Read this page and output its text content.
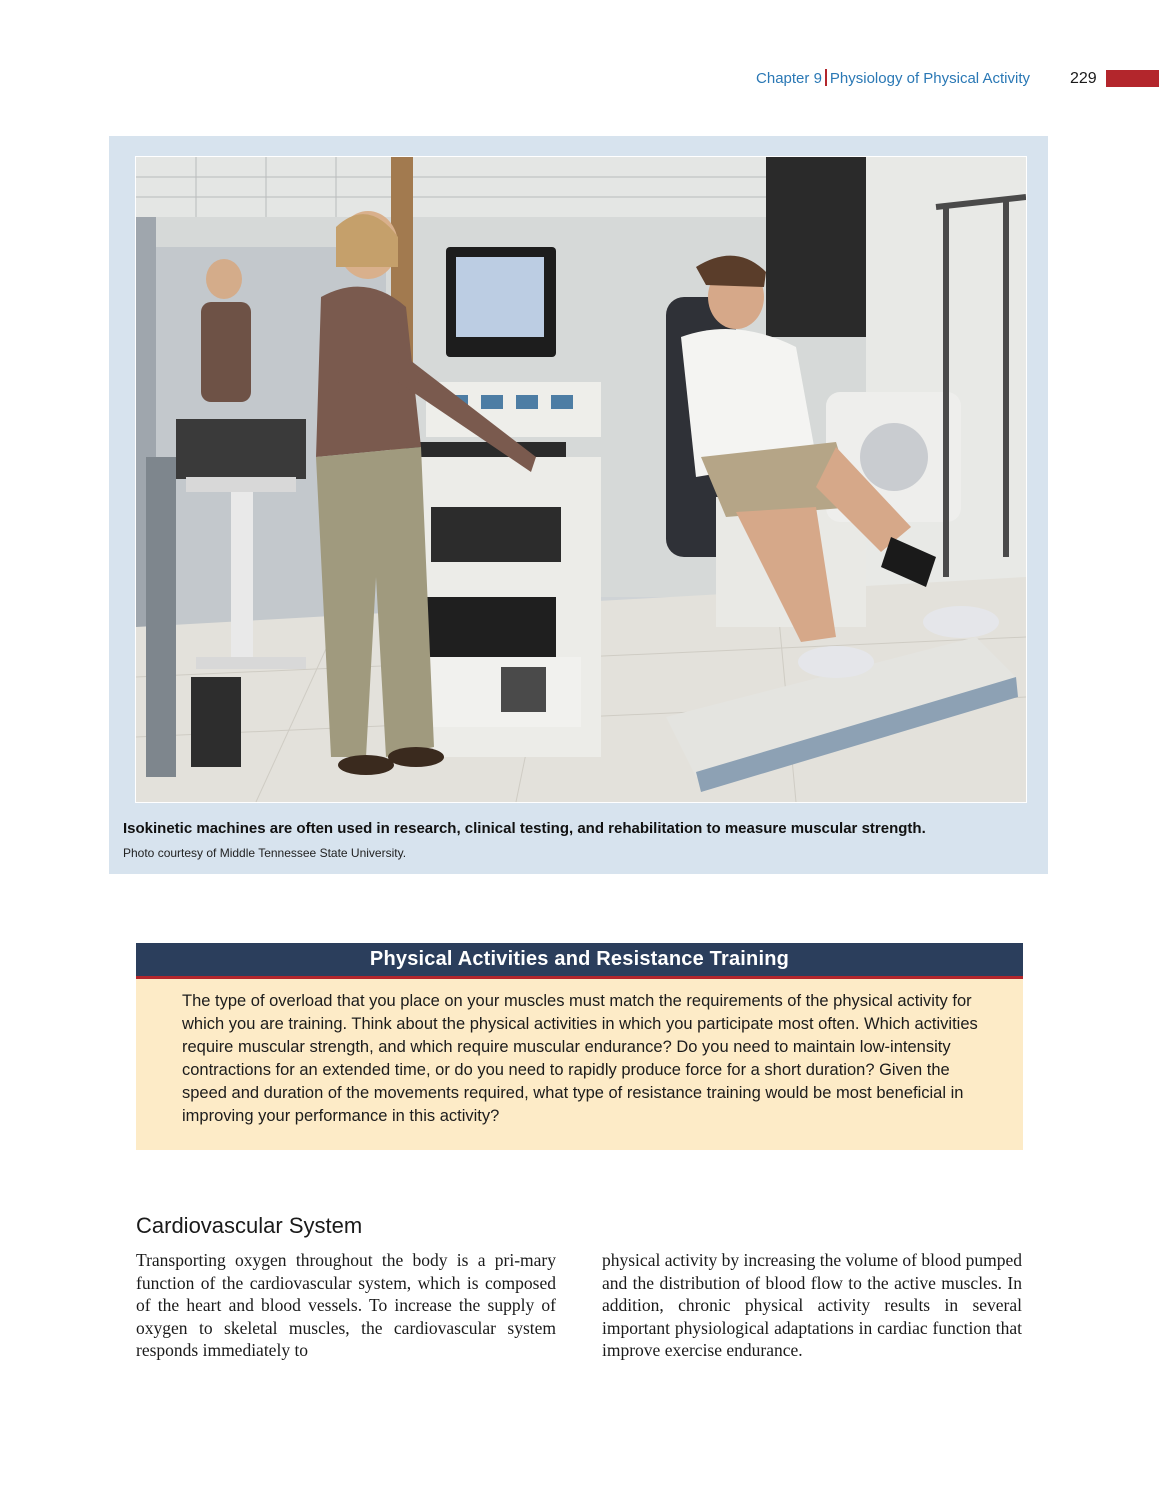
Chapter 9 Physiology of Physical Activity	229
Isokinetic machines are often used in research, clinical testing, and rehabilitation to measure muscular strength.
Photo courtesy of Middle Tennessee State University.
Physical Activities and Resistance Training
The type of overload that you place on your muscles must match the requirements of the physical activity for which you are training. Think about the physical activities in which you participate most often. Which activities require muscular strength, and which require muscular endurance? Do you need to maintain low-intensity contractions for an extended time, or do you need to rapidly produce force for a short duration? Given the speed and duration of the movements required, what type of resistance training would be most beneficial in improving your performance in this activity?
Cardiovascular System
Transporting oxygen throughout the body is a pri-mary function of the cardiovascular system, which is composed of the heart and blood vessels. To increase the supply of oxygen to skeletal muscles, the cardiovascular system responds immediately to
physical activity by increasing the volume of blood pumped and the distribution of blood flow to the active muscles. In addition, chronic physical activity results in several important physiological adaptations in cardiac function that improve exercise endurance.
